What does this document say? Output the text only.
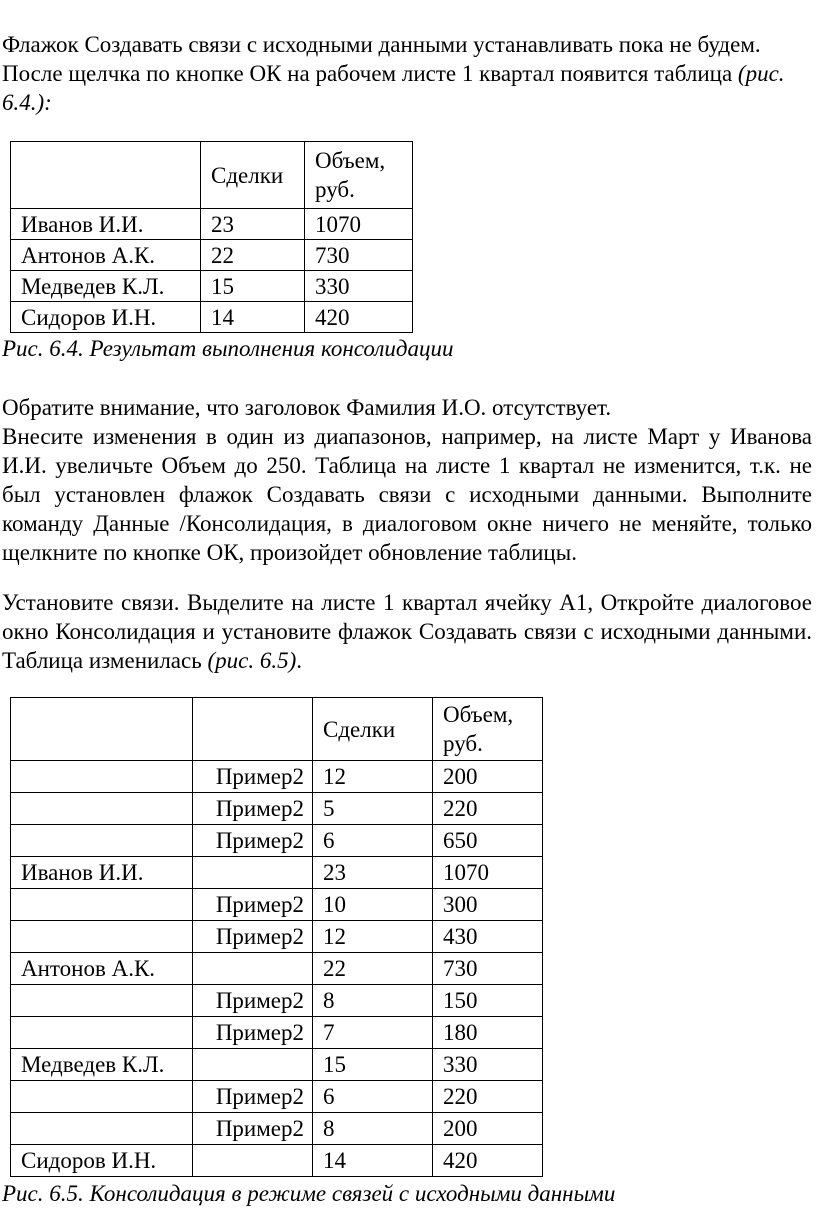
Флажок Создавать связи с исходными данными устанавливать пока не будем.
После щелчка по кнопке ОК на рабочем листе 1 квартал появится таблица (рис. 6.4.):
	Сделки	Объем, руб.
Иванов И.И.	23	1070
Антонов А.К.	22	730
Медведев К.Л.	15	330
Сидоров И.Н.	14	420
Рис. 6.4. Результат выполнения консолидации
Обратите внимание, что заголовок Фамилия И.О. отсутствует.
Внесите изменения в один из диапазонов, например, на листе Март у Иванова И.И. увеличьте Объем до 250. Таблица на листе 1 квартал не изменится, т.к. не был установлен флажок Создавать связи с исходными данными. Выполните команду Данные /Консолидация, в диалоговом окне ничего не меняйте, только щелкните по кнопке ОК, произойдет обновление таблицы.
Установите связи. Выделите на листе 1 квартал ячейку А1, Откройте диалоговое окно Консолидация и установите флажок Создавать связи с исходными данными. Таблица изменилась (рис. 6.5).
		Сделки	Объем, руб.
	Пример2	12	200
	Пример2	5	220
	Пример2	6	650
Иванов И.И.		23	1070
	Пример2	10	300
	Пример2	12	430
Антонов А.К.		22	730
	Пример2	8	150
	Пример2	7	180
Медведев К.Л.		15	330
	Пример2	6	220
	Пример2	8	200
Сидоров И.Н.		14	420
Рис. 6.5. Консолидация в режиме связей с исходными данными
